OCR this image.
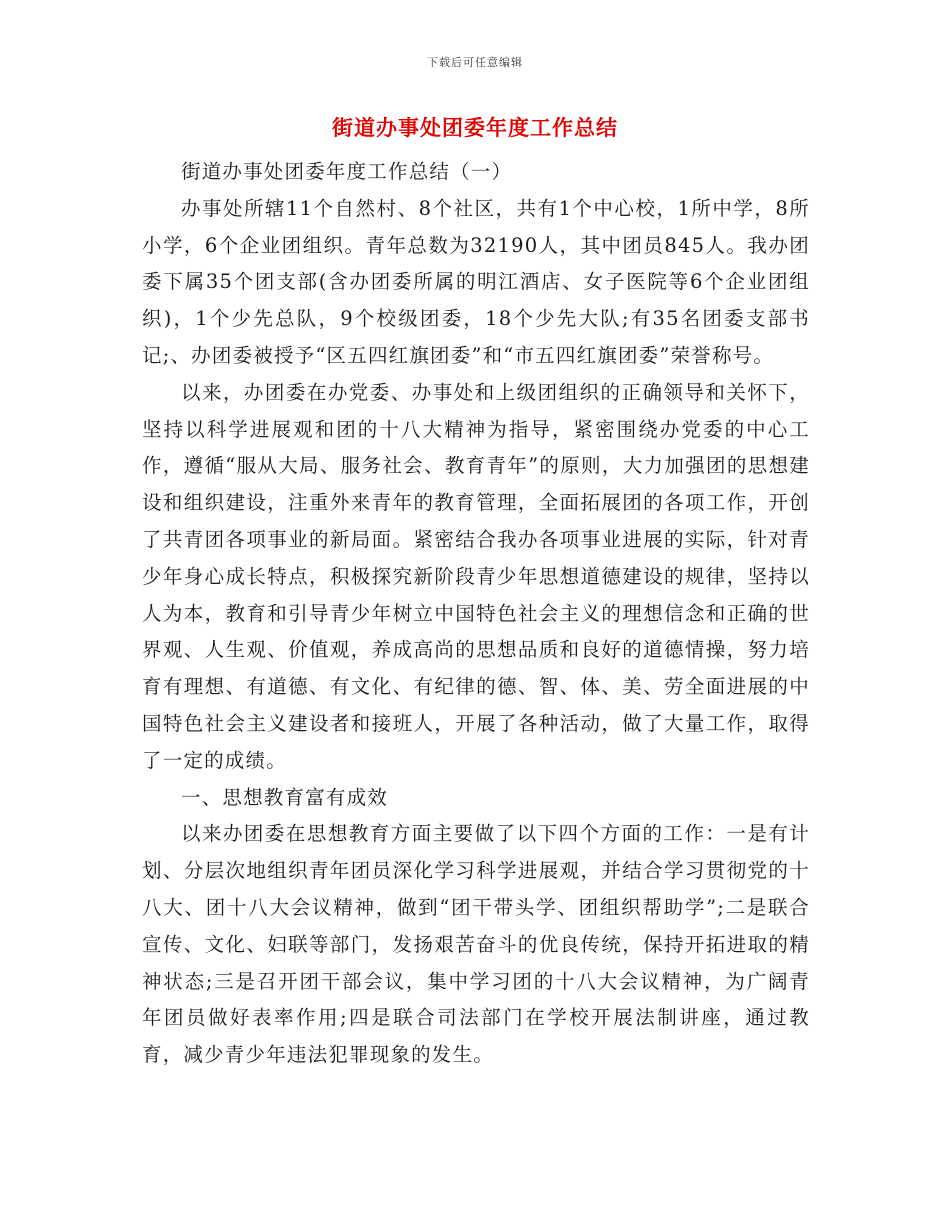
下载后可任意编辑
街道办事处团委年度工作总结

街道办事处团委年度工作总结（一）

办事处所辖11个自然村、8个社区，共有1个中心校，1所中学，8所小学，6个企业团组织。青年总数为32190人，其中团员845人。我办团委下属35个团支部(含办团委所属的明江酒店、女子医院等6个企业团组织)，1个少先总队，9个校级团委，18个少先大队;有35名团委支部书记;、办团委被授予“区五四红旗团委”和“市五四红旗团委”荣誉称号。

以来，办团委在办党委、办事处和上级团组织的正确领导和关怀下，坚持以科学进展观和团的十八大精神为指导，紧密围绕办党委的中心工作，遵循“服从大局、服务社会、教育青年”的原则，大力加强团的思想建设和组织建设，注重外来青年的教育管理，全面拓展团的各项工作，开创了共青团各项事业的新局面。紧密结合我办各项事业进展的实际，针对青少年身心成长特点，积极探究新阶段青少年思想道德建设的规律，坚持以人为本，教育和引导青少年树立中国特色社会主义的理想信念和正确的世界观、人生观、价值观，养成高尚的思想品质和良好的道德情操，努力培育有理想、有道德、有文化、有纪律的德、智、体、美、劳全面进展的中国特色社会主义建设者和接班人，开展了各种活动，做了大量工作，取得了一定的成绩。

一、思想教育富有成效

以来办团委在思想教育方面主要做了以下四个方面的工作：一是有计划、分层次地组织青年团员深化学习科学进展观，并结合学习贯彻党的十八大、团十八大会议精神，做到“团干带头学、团组织帮助学”;二是联合宣传、文化、妇联等部门，发扬艰苦奋斗的优良传统，保持开拓进取的精神状态;三是召开团干部会议，集中学习团的十八大会议精神，为广阔青年团员做好表率作用;四是联合司法部门在学校开展法制讲座，通过教育，减少青少年违法犯罪现象的发生。
